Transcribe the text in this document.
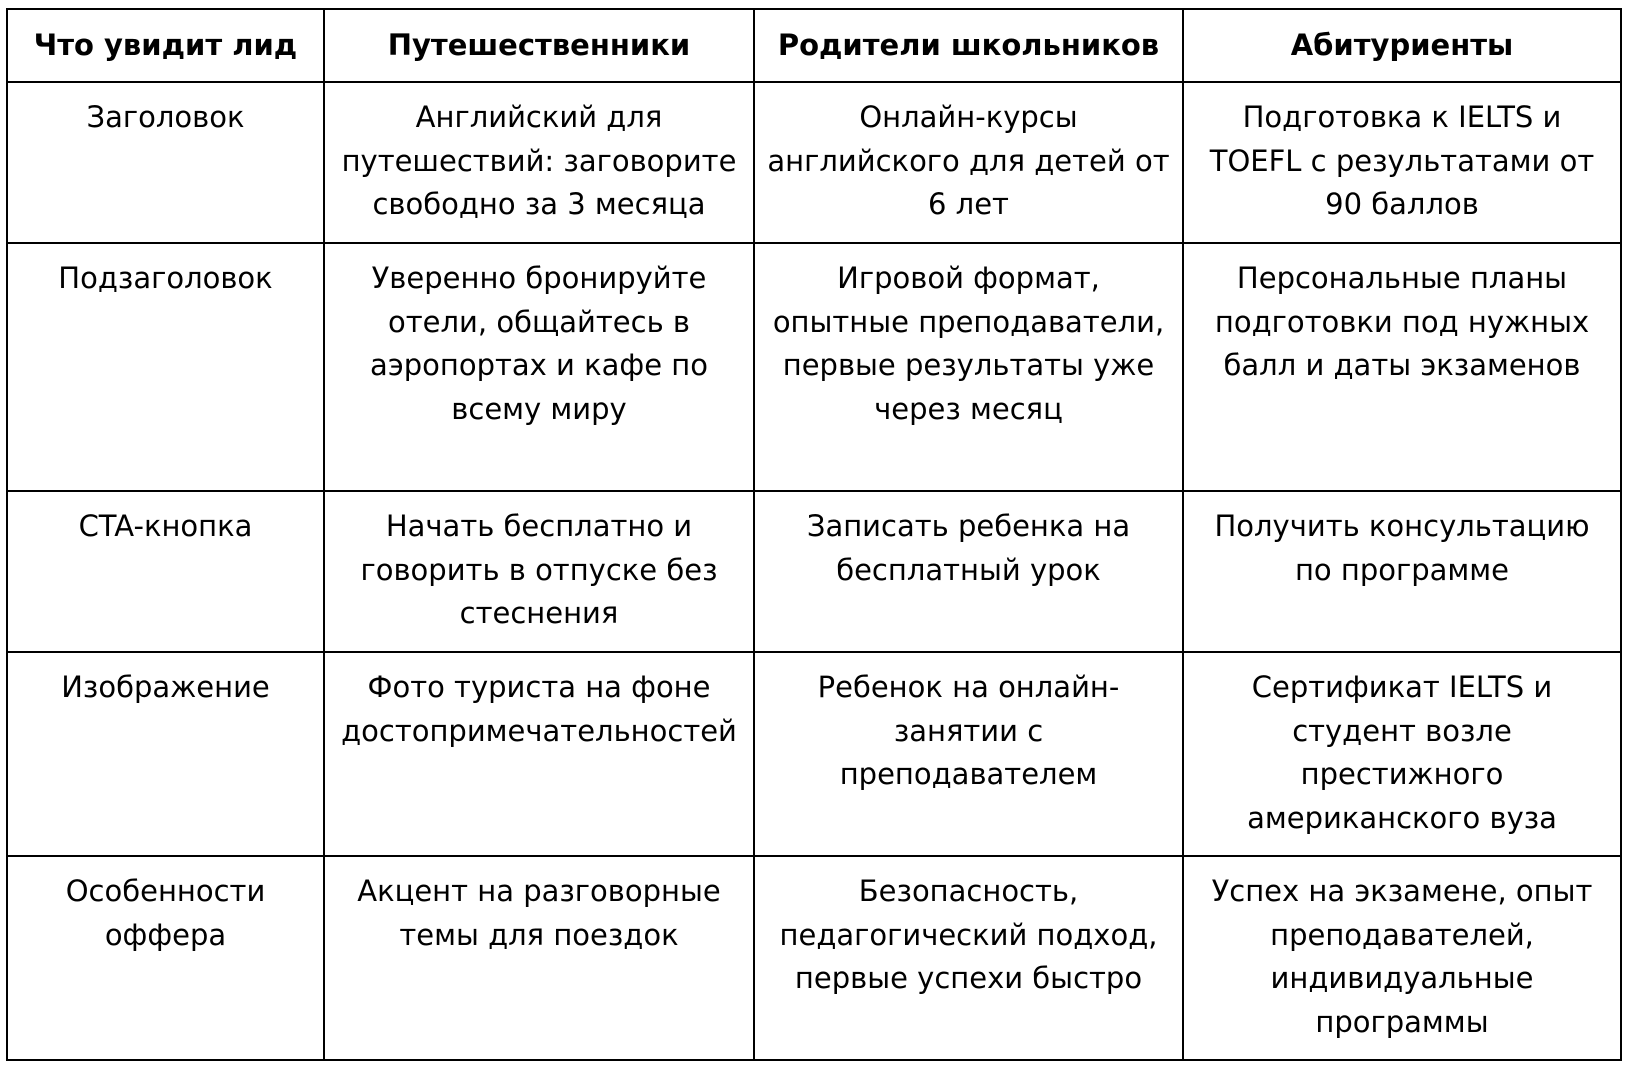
Что увидит лид	Путешественники	Родители школьников	Абитуриенты
Заголовок	Английский для путешествий: заговорите свободно за 3 месяца	Онлайн-курсы английского для детей от 6 лет	Подготовка к IELTS и TOEFL с результатами от 90 баллов
Подзаголовок	Уверенно бронируйте отели, общайтесь в аэропортах и кафе по всему миру	Игровой формат, опытные преподаватели, первые результаты уже через месяц	Персональные планы подготовки под нужных балл и даты экзаменов
CTA-кнопка	Начать бесплатно и говорить в отпуске без стеснения	Записать ребенка на бесплатный урок	Получить консультацию по программе
Изображение	Фото туриста на фоне достопримечательностей	Ребенок на онлайн-занятии с преподавателем	Сертификат IELTS и студент возле престижного американского вуза
Особенности оффера	Акцент на разговорные темы для поездок	Безопасность, педагогический подход, первые успехи быстро	Успех на экзамене, опыт преподавателей, индивидуальные программы
